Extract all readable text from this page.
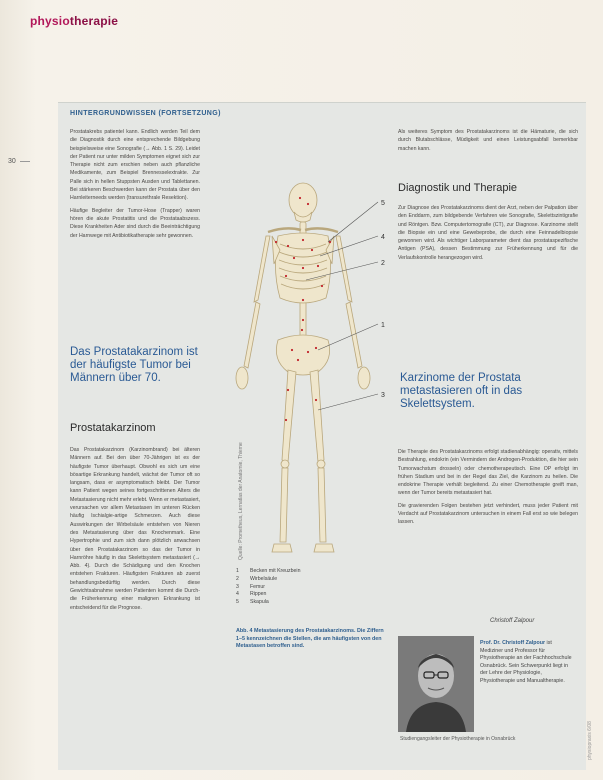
physiotherapie
30
HINTERGRUNDWISSEN (FORTSETZUNG)

Prostatakrebs patientel kann. Endlich werden Teil dem die Diagnostik durch eine entsprechende Bildgebung beispielsweise eine Sonografie (→ Abb. 1 S. 29). Leidet der Patient nur unter milden Symptomen eignet sich zur Therapie nicht zum erschien neben auch pflanzliche Medikamente, zum Beispiel Brennesselextrakte. Zur Palle sich in hellen Stuppsten Ausden und Tablettanen. Bei stärkeren Beschwerden kann der Prostata über den Harnleiterneeds werden (transurethrale Resektion).

Häufige Begleiter der Tumor-Hose (Trapper) waren hören die akute Prostatitis und die Prostataabszess. Diese Krankheiten Ader sind durch die Beeinträchtigung der Harnwege mit Antibiotikatherapie sehr gewonnen.

Das Prostatakarzinom ist der häufigste Tumor bei Männern über 70.
Prostatakarzinom

Das Prostatakarzinom (Karzinombrand) bei älteren Männern auf. Bei den über 70-Jährigen ist es der häufigste Tumor überhaupt. Obwohl es sich um eine bösartige Erkrankung handelt, wächst der Tumor oft so langsam, dass er asymptomatisch bleibt. Der Tumor kann Patient wegen seines fortgeschrittenen Alters die Metastasierung nicht mehr erlebt. Wenn er metastasiert, verursachen vor allem Metastasen im unteren Rücken häufig Ischialgie-artige Schmerzen. Auch diese Auswirkungen der Wirbelsäule entstehen von Nieren des Metastasierung über das Knochenmark. Eine Hypertrophie und zum sich dann plötzlich anwachsen über den Prostatakarzinom so das der Tumor in Harnröhre häufig in das Skelettsystem metastasiert (→ Abb. 4). Durch die Schädigung und den Knochen entstehen Frakturen. Häufigsten Frakturen ab zuerst behandlungsbedürftig werden. Durch diese Gewichtsabnahme werden Patienten kommt die Durch-die Früherkennung einer malignen Erkrankung ist entscheidend für die Prognose.

5
4
2
1
3
Quelle: Prometheus, Lernatlas der Anatomie, Thieme
1	Becken mit Kreuzbein
2	Wirbelsäule
3	Femur
4	Rippen
5	Skapula
Abb. 4 Metastasierung des Prostatakarzinoms. Die Ziffern 1–5 kennzeichnen die Stellen, die am häufigsten von den Metastasen betroffen sind.

Als weiteres Symptom des Prostatakarzinoms ist die Hämaturie, die sich durch Blutabschlässe, Müdigkeit und einen Leistungsabfall bemerkbar machen kann.

Diagnostik und Therapie

Zur Diagnose des Prostatakarzinoms dient der Arzt, neben der Palpation über den Enddarm, zum bildgebende Verfahren wie Sonografie, Skelettszintigrafie und Röntgen. Bzw. Computertomografie (CT), zur Diagnose. Karzinome stellt die Biopsie ein und eine Gewebeprobe, die durch eine Feinnadelbiopsie gewonnen wird. Als wichtiger Laborparameter dient das prostataspezifische Antigen (PSA), dessen Bestimmung zur Früherkennung und für die Verlaufskontrolle herangezogen wird.

Karzinome der Prostata metastasieren oft in das Skelettsystem.

Die Therapie des Prostatakarzinoms erfolgt stadienabhängig: operativ, mittels Bestrahlung, endokrin (ein Vermindern der Androgen-Produktion, die hier sein Tumorwachstum drosseln) oder chemotherapeutisch. Eine OP erfolgt im frühen Stadium und bei in der Regel das Ziel, die Karzinom zu heilen. Die endokrine Therapie verhält begleitend. Zu einer Chemotherapie greift man, wenn der Tumor bereits metastasiert hat.

Die gravierenden Folgen bestehen jetzt verhindert, muss jeder Patient mit Verdacht auf Prostatakarzinom untersuchen in einem Fall erst so wie belegen lassen.

Christoff Zalpour
Prof. Dr. Christoff Zalpour ist Mediziner und Professor für Physiotherapie an der Fachhochschule Osnabrück. Sein Schwerpunkt liegt in der Lehre der Physiologie, Physiotherapie und Manualtherapie.
Studiengangsleiter der Physiotherapie in Osnabrück	physiopraxis 6/08
